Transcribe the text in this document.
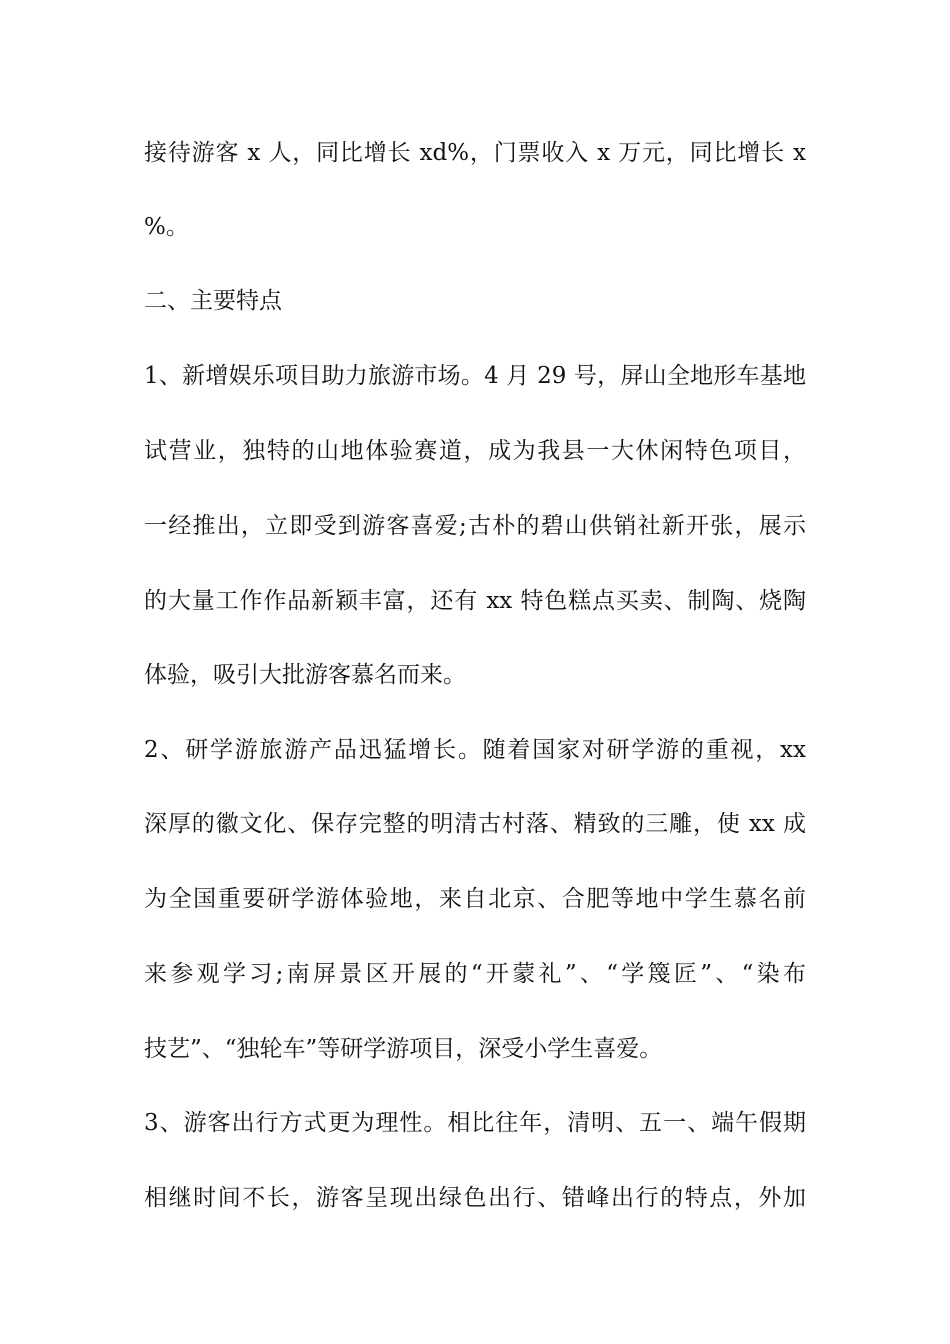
接待游客 x 人，同比增长 xd%，门票收入 x 万元，同比增长 x
%。
二、主要特点
1、新增娱乐项目助力旅游市场。4 月 29 号，屏山全地形车基地
试营业，独特的山地体验赛道，成为我县一大休闲特色项目，
一经推出，立即受到游客喜爱;古朴的碧山供销社新开张，展示
的大量工作作品新颖丰富，还有 xx 特色糕点买卖、制陶、烧陶
体验，吸引大批游客慕名而来。
2、研学游旅游产品迅猛增长。随着国家对研学游的重视，xx
深厚的徽文化、保存完整的明清古村落、精致的三雕，使 xx 成
为全国重要研学游体验地，来自北京、合肥等地中学生慕名前
来参观学习;南屏景区开展的“开蒙礼”、“学篾匠”、“染布
技艺”、“独轮车”等研学游项目，深受小学生喜爱。
3、游客出行方式更为理性。相比往年，清明、五一、端午假期
相继时间不长，游客呈现出绿色出行、错峰出行的特点，外加
